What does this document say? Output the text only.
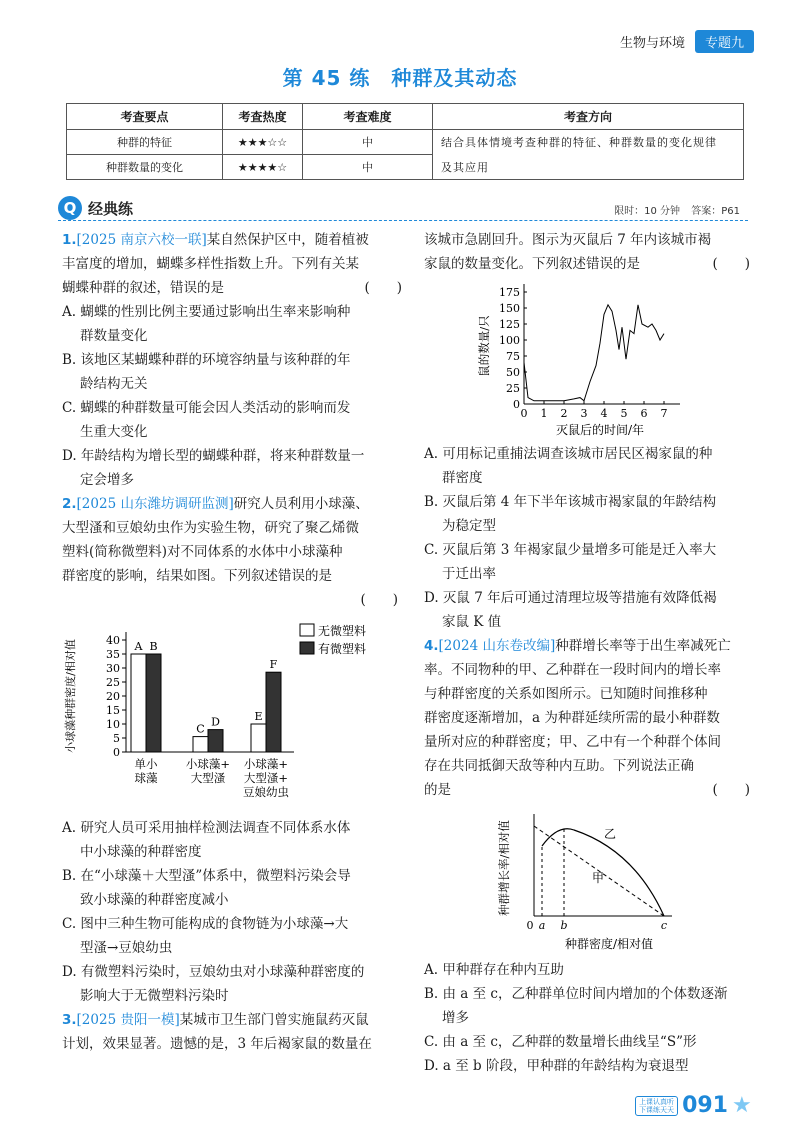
生物与环境	专题九
第 45 练　种群及其动态
考查要点	考查热度	考查难度	考查方向
种群的特征	★★★☆☆	中	结合具体情境考查种群的特征、种群数量的变化规律
种群数量的变化	★★★★☆	中	及其应用
Q 经典练	限时：10 分钟 答案：P61

1.[2025 南京六校一联]某自然保护区中，随着植被

丰富度的增加，蝴蝶多样性指数上升。下列有关某

蝴蝶种群的叙述，错误的是	(　　)

A. 蝴蝶的性别比例主要通过影响出生率来影响种
群数量变化

B. 该地区某蝴蝶种群的环境容纳量与该种群的年
龄结构无关

C. 蝴蝶的种群数量可能会因人类活动的影响而发
生重大变化

D. 年龄结构为增长型的蝴蝶种群，将来种群数量一
定会增多

2.[2025 山东潍坊调研监测]研究人员利用小球藻、

大型溞和豆娘幼虫作为实验生物，研究了聚乙烯微

塑料(简称微塑料)对不同体系的水体中小球藻种

群密度的影响，结果如图。下列叙述错误的是

(　　)

小球藻种群密度/相对值	0
5
10
15
20
25
30
35
40 A
C
E
B
D
F
单小
球藻
小球藻+
大型溞
小球藻+
大型溞+
豆娘幼虫
无微塑料
有微塑料

A. 研究人员可采用抽样检测法调查不同体系水体
中小球藻的种群密度

B. 在“小球藻＋大型溞”体系中，微塑料污染会导
致小球藻的种群密度减小

C. 图中三种生物可能构成的食物链为小球藻→大
型溞→豆娘幼虫

D. 有微塑料污染时，豆娘幼虫对小球藻种群密度的
影响大于无微塑料污染时

3.[2025 贵阳一模]某城市卫生部门曾实施鼠药灭鼠

计划，效果显著。遗憾的是，3 年后褐家鼠的数量在

该城市急剧回升。图示为灭鼠后 7 年内该城市褐

家鼠的数量变化。下列叙述错误的是	(　　)

鼠的数量/只
0
25
50
75
100
125
150
175
0 1 2 3 4 5 6 7
灭鼠后的时间/年

A. 可用标记重捕法调查该城市居民区褐家鼠的种
群密度

B. 灭鼠后第 4 年下半年该城市褐家鼠的年龄结构
为稳定型

C. 灭鼠后第 3 年褐家鼠少量增多可能是迁入率大
于迁出率

D. 灭鼠 7 年后可通过清理垃圾等措施有效降低褐
家鼠 K 值

4.[2024 山东卷改编]种群增长率等于出生率减死亡

率。不同物种的甲、乙种群在一段时间内的增长率

与种群密度的关系如图所示。已知随时间推移种

群密度逐渐增加，a 为种群延续所需的最小种群数

量所对应的种群密度；甲、乙中有一个种群个体间

存在共同抵御天敌等种内互助。下列说法正确

的是	(　　)

种群增长率/相对值
0 a b	c
乙
甲
种群密度/相对值

A. 甲种群存在种内互助

B. 由 a 至 c，乙种群单位时间内增加的个体数逐渐
增多

C. 由 a 至 c，乙种群的数量增长曲线呈“S”形

D. a 至 b 阶段，甲种群的年龄结构为衰退型

上课认真听
下课练天天 091 ★
